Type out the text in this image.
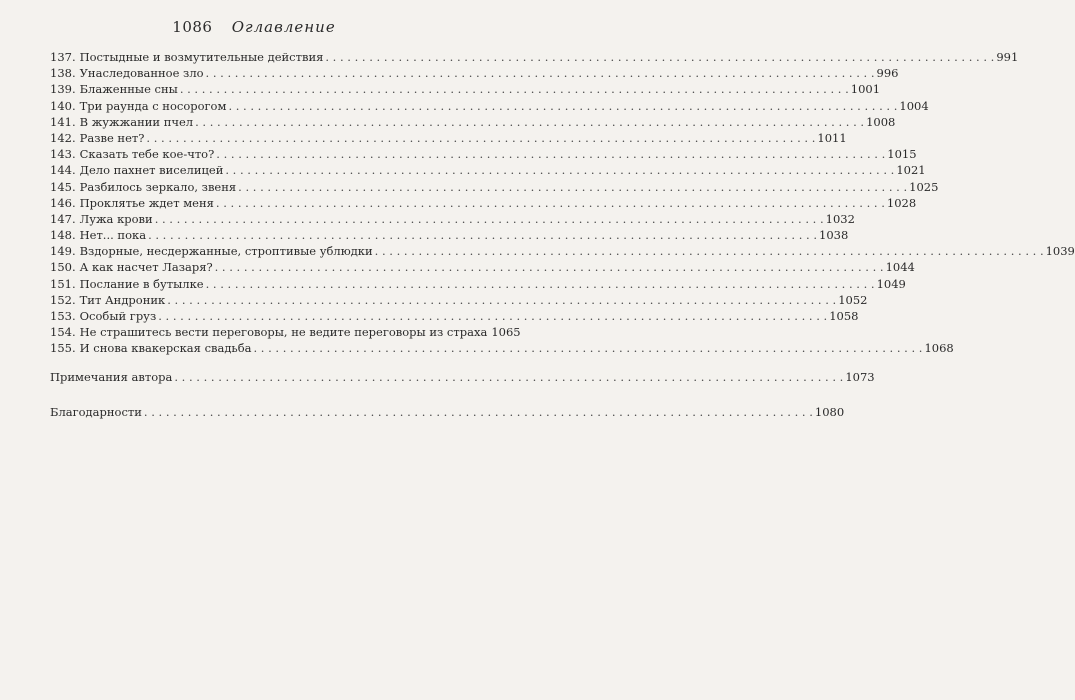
1086 Оглавление
137. Постыдные и возмутительные действия . . .	991
138. Унаследованное зло . . .	996
139. Блаженные сны . . .	1001
140. Три раунда с носорогом . . .	1004
141. В жужжании пчел . . .	1008
142. Разве нет? . . .	1011
143. Сказать тебе кое-что? . . .	1015
144. Дело пахнет виселицей . . .	1021
145. Разбилось зеркало, звеня . . .	1025
146. Проклятье ждет меня . . .	1028
147. Лужа крови . . .	1032
148. Нет... пока . . .	1038
149. Вздорные, несдержанные, строптивые ублюдки . . .	1039
150. А как насчет Лазаря? . . .	1044
151. Послание в бутылке . . .	1049
152. Тит Андроник . . .	1052
153. Особый груз . . .	1058
154. Не страшитесь вести переговоры, не ведите переговоры из страха 1065
155. И снова квакерская свадьба . . .	1068
Примечания автора . . .	1073
Благодарности . . .	1080
